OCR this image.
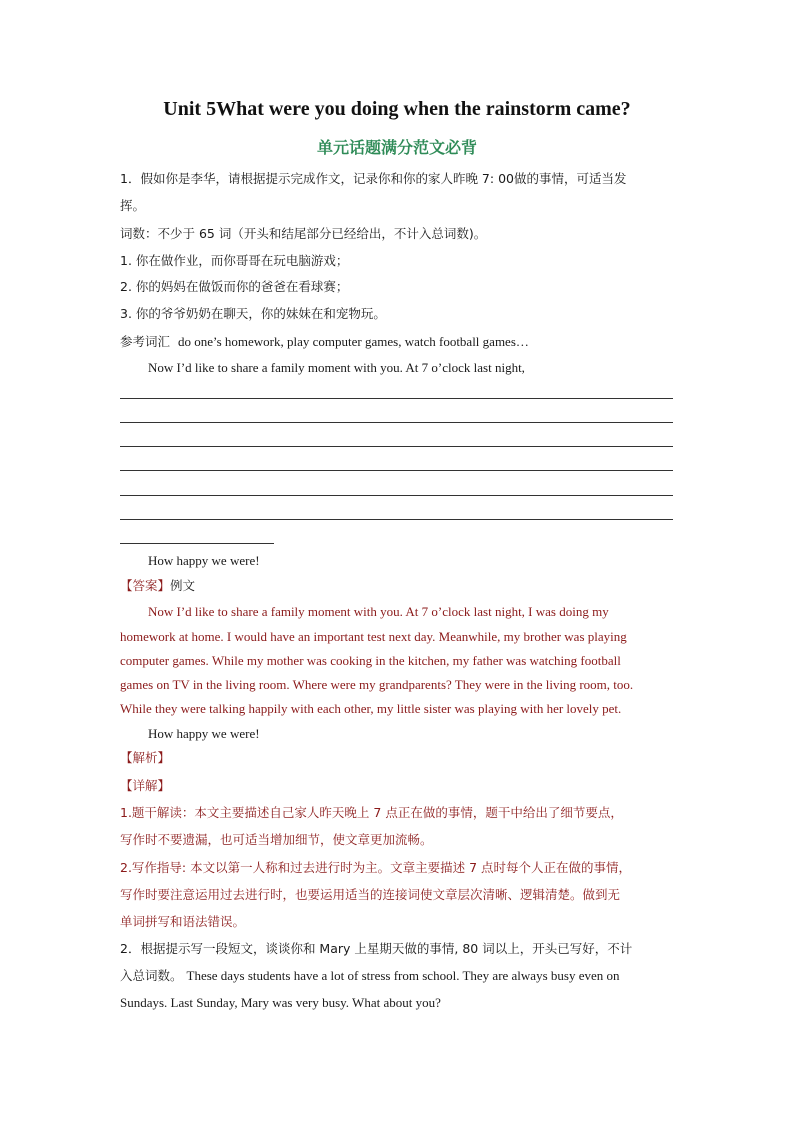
Unit 5What were you doing when the rainstorm came?
单元话题满分范文必背
1．假如你是李华，请根据提示完成作文，记录你和你的家人昨晚 7: 00做的事情，可适当发
挥。
词数：不少于 65 词（开头和结尾部分已经给出，不计入总词数)。
1. 你在做作业，而你哥哥在玩电脑游戏；
2. 你的妈妈在做饭而你的爸爸在看球赛；
3. 你的爷爷奶奶在聊天，你的妹妹在和宠物玩。
参考词汇 do one’s homework, play computer games, watch football games…
Now I’d like to share a family moment with you. At 7 o’clock last night,
How happy we were!
【答案】例文
Now I’d like to share a family moment with you. At 7 o’clock last night, I was doing my
homework at home. I would have an important test next day. Meanwhile, my brother was playing
computer games. While my mother was cooking in the kitchen, my father was watching football
games on TV in the living room. Where were my grandparents? They were in the living room, too.
While they were talking happily with each other, my little sister was playing with her lovely pet.
How happy we were!
【解析】
【详解】
1.题干解读：本文主要描述自己家人昨天晚上 7 点正在做的事情，题干中给出了细节要点，
写作时不要遗漏，也可适当增加细节，使文章更加流畅。
2.写作指导: 本文以第一人称和过去进行时为主。文章主要描述 7 点时每个人正在做的事情，
写作时要注意运用过去进行时，也要运用适当的连接词使文章层次清晰、逻辑清楚。做到无
单词拼写和语法错误。
2．根据提示写一段短文，谈谈你和 Mary 上星期天做的事情, 80 词以上，开头已写好，不计
入总词数。 These days students have a lot of stress from school. They are always busy even on
Sundays. Last Sunday, Mary was very busy. What about you?
